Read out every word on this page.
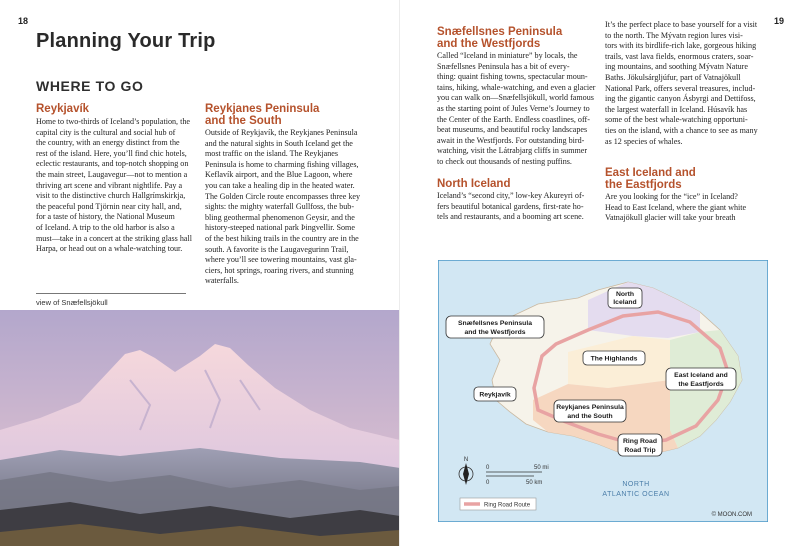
18
Planning Your Trip
WHERE TO GO
Reykjavík
Home to two-thirds of Iceland’s population, the
capital city is the cultural and social hub of
the country, with an energy distinct from the
rest of the island. Here, you’ll find chic hotels,
eclectic restaurants, and top-notch shopping on
the main street, Laugavegur—not to mention a
thriving art scene and vibrant nightlife. Pay a
visit to the distinctive church Hallgrímskirkja,
the peaceful pond Tjörnin near city hall, and,
for a taste of history, the National Museum
of Iceland. A trip to the old harbor is also a
must—take in a concert at the striking glass hall
Harpa, or head out on a whale-watching tour.
Reykjanes Peninsula
and the South
Outside of Reykjavík, the Reykjanes Peninsula
and the natural sights in South Iceland get the
most traffic on the island. The Reykjanes
Peninsula is home to charming fishing villages,
Keflavík airport, and the Blue Lagoon, where
you can take a healing dip in the heated water.
The Golden Circle route encompasses three key
sights: the mighty waterfall Gullfoss, the bub-
bling geothermal phenomenon Geysir, and the
history-steeped national park Þingvellir. Some
of the best hiking trails in the country are in the
south. A favorite is the Laugavegurinn Trail,
where you’ll see towering mountains, vast gla-
ciers, hot springs, roaring rivers, and stunning
waterfalls.
view of Snæfellsjökull
19
Snæfellsnes Peninsula
and the Westfjords
Called “Iceland in miniature” by locals, the
Snæfellsnes Peninsula has a bit of every-
thing: quaint fishing towns, spectacular moun-
tains, hiking, whale-watching, and even a glacier
you can walk on—Snæfellsjökull, world famous
as the starting point of Jules Verne’s Journey to
the Center of the Earth. Endless coastlines, off-
beat museums, and beautiful rocky landscapes
await in the Westfjords. For outstanding bird-
watching, visit the Látrabjarg cliffs in summer
to check out thousands of nesting puffins.
North Iceland
Iceland’s “second city,” low-key Akureyri of-
fers beautiful botanical gardens, first-rate ho-
tels and restaurants, and a booming art scene.
It’s the perfect place to base yourself for a visit
to the north. The Mývatn region lures visi-
tors with its birdlife-rich lake, gorgeous hiking
trails, vast lava fields, enormous craters, soar-
ing mountains, and soothing Mývatn Nature
Baths. Jökulsárgljúfur, part of Vatnajökull
National Park, offers several treasures, includ-
ing the gigantic canyon Ásbyrgi and Dettifoss,
the largest waterfall in Iceland. Húsavík has
some of the best whale-watching opportuni-
ties on the island, with a chance to see as many
as 12 species of whales.
East Iceland and
the Eastfjords
Are you looking for the “ice” in Iceland?
Head to East Iceland, where the giant white
Vatnajökull glacier will take your breath
North
Iceland
Snæfellsnes Peninsula
and the Westfjords
The Highlands
East Iceland and
the Eastfjords
Reykjavík
Reykjanes Peninsula
and the South
Ring Road
Road Trip
N
0	50 mi
0	50 km	NORTH
ATLANTIC OCEAN
Ring Road Route
© MOON.COM
